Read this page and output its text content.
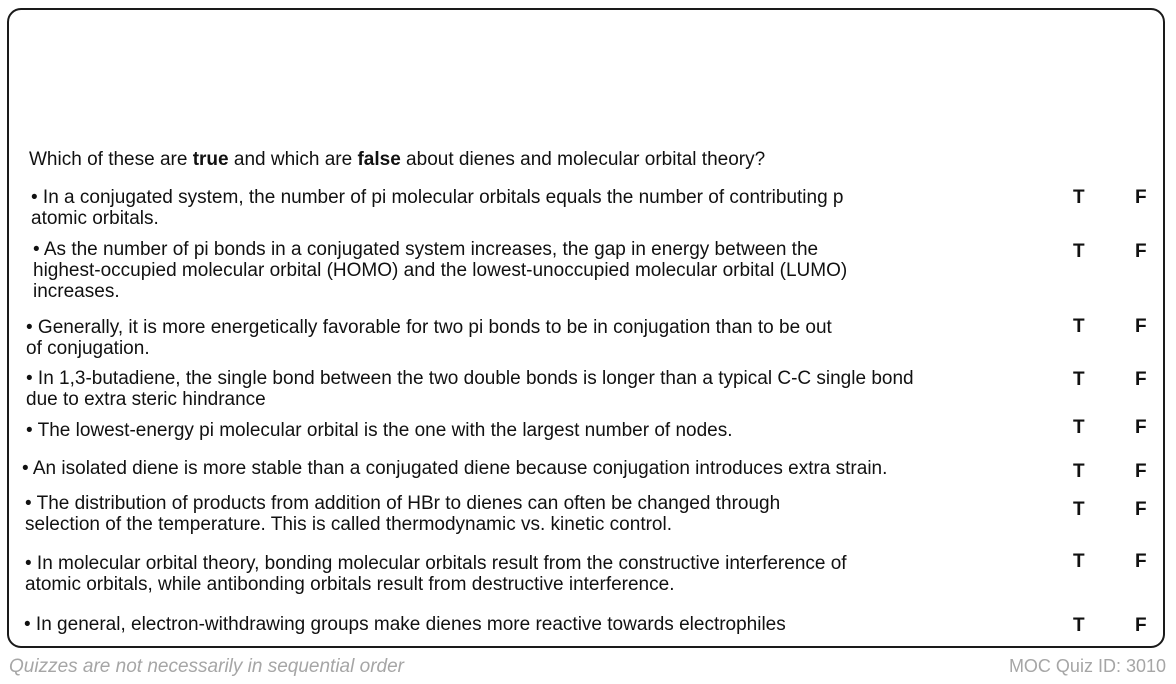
Which of these are true and which are false about dienes and molecular orbital theory?
• In a conjugated system, the number of pi molecular orbitals equals the number of contributing p
atomic orbitals.
T	F
• As the number of pi bonds in a conjugated system increases, the gap in energy between the
highest-occupied molecular orbital (HOMO) and the lowest-unoccupied molecular orbital (LUMO)
increases.
T	F
• Generally, it is more energetically favorable for two pi bonds to be in conjugation than to be out
of conjugation.
T	F
• In 1,3-butadiene, the single bond between the two double bonds is longer than a typical C-C single bond
due to extra steric hindrance
T	F
• The lowest-energy pi molecular orbital is the one with the largest number of nodes.	T	F
• An isolated diene is more stable than a conjugated diene because conjugation introduces extra strain.	T	F
• The distribution of products from addition of HBr to dienes can often be changed through
selection of the temperature. This is called thermodynamic vs. kinetic control.
T	F
• In molecular orbital theory, bonding molecular orbitals result from the constructive interference of
atomic orbitals, while antibonding orbitals result from destructive interference.
T	F
• In general, electron-withdrawing groups make dienes more reactive towards electrophiles	T	F
Quizzes are not necessarily in sequential order	MOC Quiz ID: 3010
